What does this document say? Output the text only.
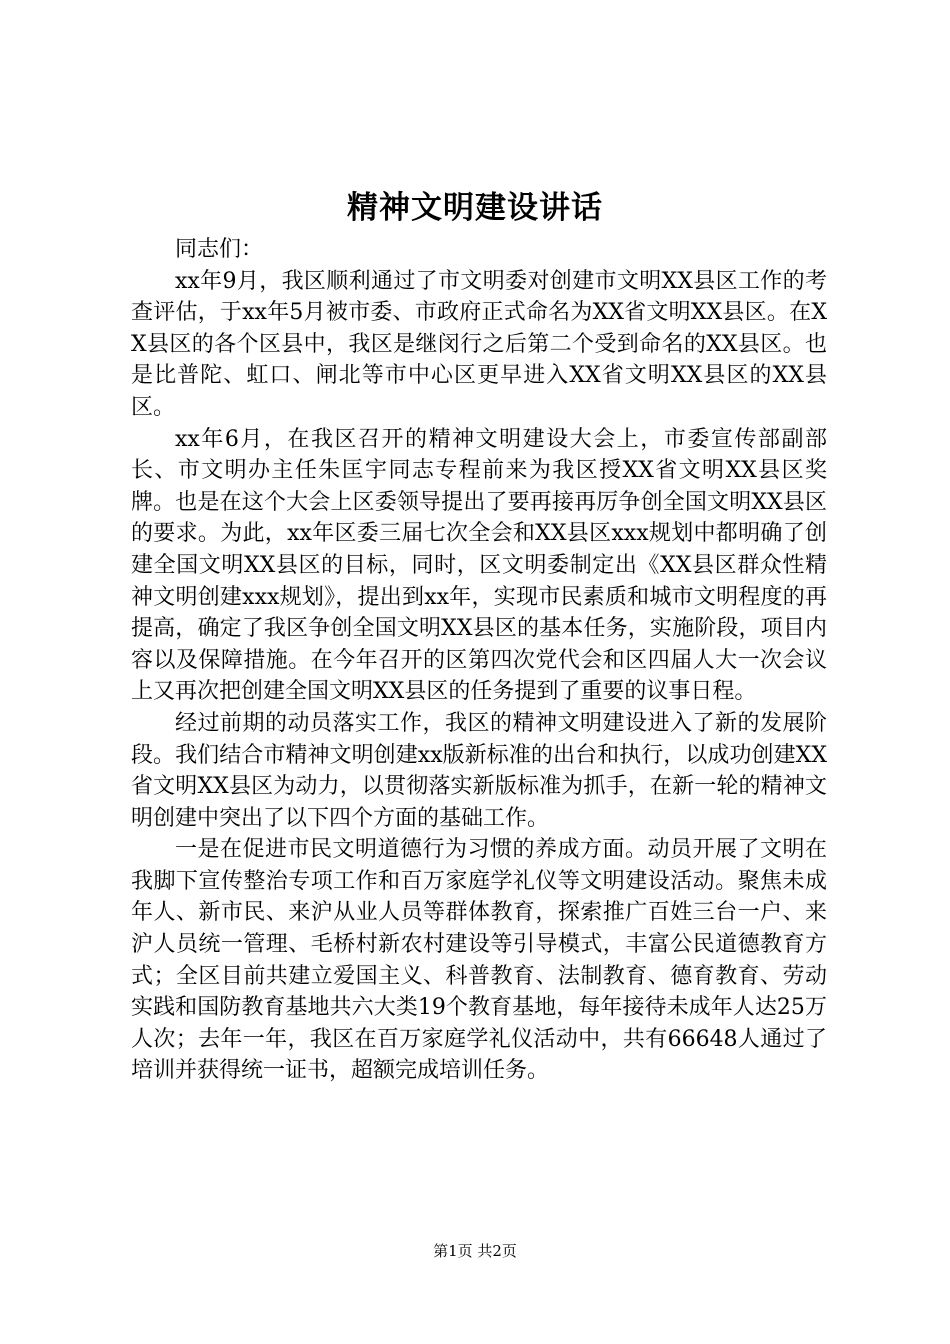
精神文明建设讲话

同志们：

xx年9月，我区顺利通过了市文明委对创建市文明XX县区工作的考查评估，于xx年5月被市委、市政府正式命名为XX省文明XX县区。在XX县区的各个区县中，我区是继闵行之后第二个受到命名的XX县区。也是比普陀、虹口、闸北等市中心区更早进入XX省文明XX县区的XX县区。

xx年6月，在我区召开的精神文明建设大会上，市委宣传部副部长、市文明办主任朱匡宇同志专程前来为我区授XX省文明XX县区奖牌。也是在这个大会上区委领导提出了要再接再厉争创全国文明XX县区的要求。为此，xx年区委三届七次全会和XX县区xxx规划中都明确了创建全国文明XX县区的目标，同时，区文明委制定出《XX县区群众性精神文明创建xxx规划》，提出到xx年，实现市民素质和城市文明程度的再提高，确定了我区争创全国文明XX县区的基本任务，实施阶段，项目内容以及保障措施。在今年召开的区第四次党代会和区四届人大一次会议上又再次把创建全国文明XX县区的任务提到了重要的议事日程。

经过前期的动员落实工作，我区的精神文明建设进入了新的发展阶段。我们结合市精神文明创建xx版新标准的出台和执行，以成功创建XX省文明XX县区为动力，以贯彻落实新版标准为抓手，在新一轮的精神文明创建中突出了以下四个方面的基础工作。

一是在促进市民文明道德行为习惯的养成方面。动员开展了文明在我脚下宣传整治专项工作和百万家庭学礼仪等文明建设活动。聚焦未成年人、新市民、来沪从业人员等群体教育，探索推广百姓三台一户、来沪人员统一管理、毛桥村新农村建设等引导模式，丰富公民道德教育方式；全区目前共建立爱国主义、科普教育、法制教育、德育教育、劳动实践和国防教育基地共六大类19个教育基地，每年接待未成年人达25万人次；去年一年，我区在百万家庭学礼仪活动中，共有66648人通过了培训并获得统一证书，超额完成培训任务。

第1页 共2页
